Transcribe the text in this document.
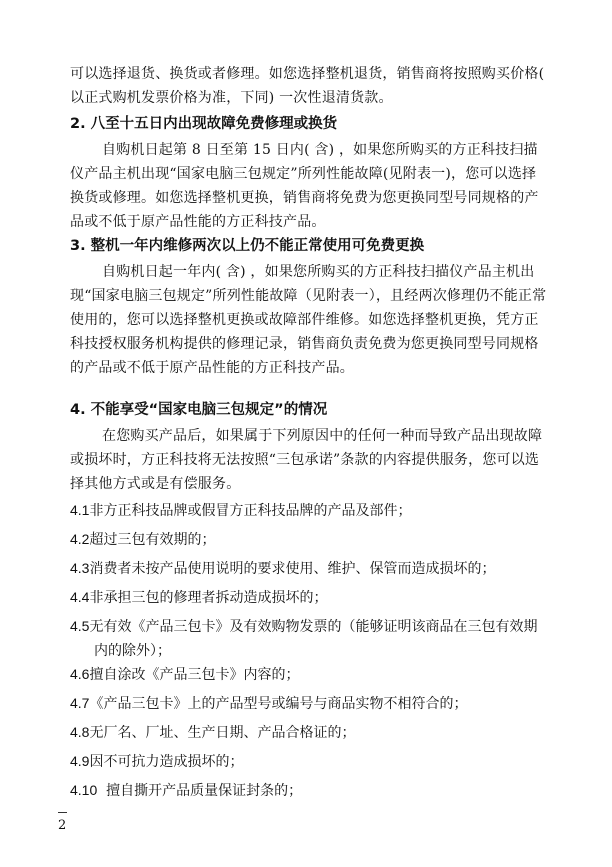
可以选择退货、换货或者修理。如您选择整机退货，销售商将按照购买价格( 以正式购机发票价格为准，下同) 一次性退清货款。
2. 八至十五日内出现故障免费修理或换货
自购机日起第 8 日至第 15 日内( 含) ，如果您所购买的方正科技扫描仪产品主机出现“国家电脑三包规定”所列性能故障(见附表一)，您可以选择换货或修理。如您选择整机更换，销售商将免费为您更换同型号同规格的产品或不低于原产品性能的方正科技产品。
3. 整机一年内维修两次以上仍不能正常使用可免费更换
自购机日起一年内( 含) ，如果您所购买的方正科技扫描仪产品主机出现“国家电脑三包规定”所列性能故障（见附表一），且经两次修理仍不能正常使用的，您可以选择整机更换或故障部件维修。如您选择整机更换，凭方正科技授权服务机构提供的修理记录，销售商负责免费为您更换同型号同规格的产品或不低于原产品性能的方正科技产品。
4. 不能享受“国家电脑三包规定”的情况
在您购买产品后，如果属于下列原因中的任何一种而导致产品出现故障或损坏时，方正科技将无法按照“三包承诺”条款的内容提供服务，您可以选择其他方式或是有偿服务。
4.1非方正科技品牌或假冒方正科技品牌的产品及部件；
4.2超过三包有效期的；
4.3消费者未按产品使用说明的要求使用、维护、保管而造成损坏的；
4.4非承担三包的修理者拆动造成损坏的；
4.5无有效《产品三包卡》及有效购物发票的（能够证明该商品在三包有效期内的除外）；
4.6擅自涂改《产品三包卡》内容的；
4.7《产品三包卡》上的产品型号或编号与商品实物不相符合的；
4.8无厂名、厂址、生产日期、产品合格证的；
4.9因不可抗力造成损坏的；
4.10  擅自撕开产品质量保证封条的；
2
